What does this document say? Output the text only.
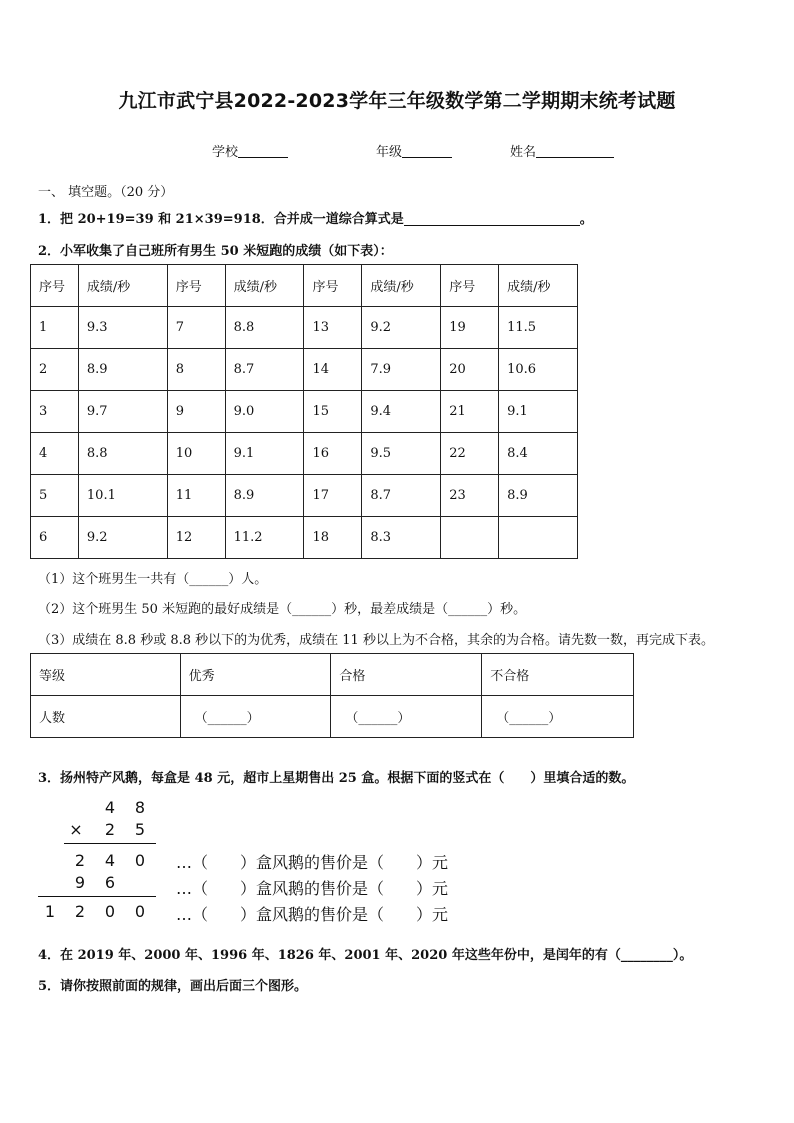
九江市武宁县2022-2023学年三年级数学第二学期期末统考试题
学校	年级	姓名
一、 填空题。（20 分）
1．把 20+19=39 和 21×39=918．合并成一道综合算式是	。
2．小军收集了自己班所有男生 50 米短跑的成绩（如下表）：
序号	成绩/秒	序号	成绩/秒	序号	成绩/秒	序号	成绩/秒
1	9.3	7	8.8	13	9.2	19	11.5
2	8.9	8	8.7	14	7.9	20	10.6
3	9.7	9	9.0	15	9.4	21	9.1
4	8.8	10	9.1	16	9.5	22	8.4
5	10.1	11	8.9	17	8.7	23	8.9
6	9.2	12	11.2	18	8.3		
（1）这个班男生一共有（______）人。
（2）这个班男生 50 米短跑的最好成绩是（______）秒，最差成绩是（______）秒。
（3）成绩在 8.8 秒或 8.8 秒以下的为优秀，成绩在 11 秒以上为不合格，其余的为合格。请先数一数，再完成下表。
等级	优秀	合格	不合格
人数	（______）	（______）	（______）
3．扬州特产风鹅，每盒是 48 元，超市上星期售出 25 盒。根据下面的竖式在（　　）里填合适的数。
4	8
×	2	5
2	4	0
9	6
1	2	0	0
…（　　）盒风鹅的售价是（　　）元
…（　　）盒风鹅的售价是（　　）元
…（　　）盒风鹅的售价是（　　）元
4．在 2019 年、2000 年、1996 年、1826 年、2001 年、2020 年这些年份中，是闰年的有（________）。
5．请你按照前面的规律，画出后面三个图形。
